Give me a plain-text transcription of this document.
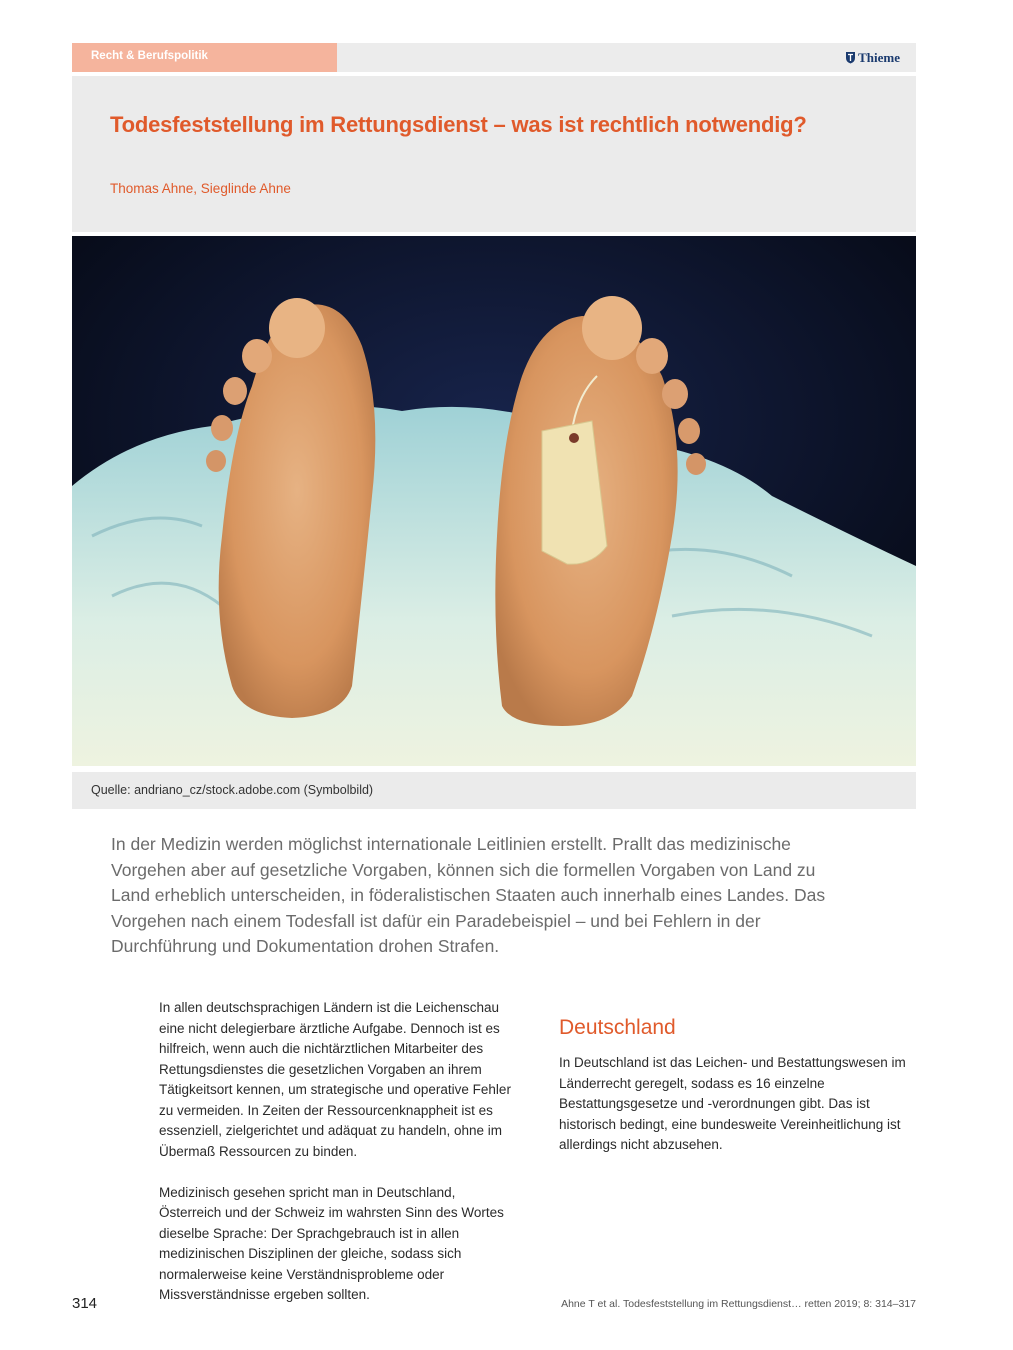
Recht & Berufspolitik	Thieme
Todesfeststellung im Rettungsdienst – was ist rechtlich notwendig?
Thomas Ahne, Sieglinde Ahne
Quelle: andriano_cz/stock.adobe.com (Symbolbild)

In der Medizin werden möglichst internationale Leitlinien erstellt. Prallt das medizinische Vorgehen aber auf gesetzliche Vorgaben, können sich die formellen Vorgaben von Land zu Land erheblich unterscheiden, in föderalistischen Staaten auch innerhalb eines Landes. Das Vorgehen nach einem Todesfall ist dafür ein Paradebeispiel – und bei Fehlern in der Durchführung und Dokumentation drohen Strafen.

In allen deutschsprachigen Ländern ist die Leichenschau eine nicht delegierbare ärztliche Aufgabe. Dennoch ist es hilfreich, wenn auch die nichtärztlichen Mitarbeiter des Rettungsdienstes die gesetzlichen Vorgaben an ihrem Tätigkeitsort kennen, um strategische und operative Fehler zu vermeiden. In Zeiten der Ressourcenknappheit ist es essenziell, zielgerichtet und adäquat zu handeln, ohne im Übermaß Ressourcen zu binden.

Medizinisch gesehen spricht man in Deutschland, Österreich und der Schweiz im wahrsten Sinn des Wortes dieselbe Sprache: Der Sprachgebrauch ist in allen medizinischen Disziplinen der gleiche, sodass sich normalerweise keine Verständnisprobleme oder Missverständnisse ergeben sollten.

Deutschland

In Deutschland ist das Leichen- und Bestattungswesen im Länderrecht geregelt, sodass es 16 einzelne Bestattungsgesetze und -verordnungen gibt. Das ist historisch bedingt, eine bundesweite Vereinheitlichung ist allerdings nicht abzusehen.

314	Ahne T et al. Todesfeststellung im Rettungsdienst… retten 2019; 8: 314–317
